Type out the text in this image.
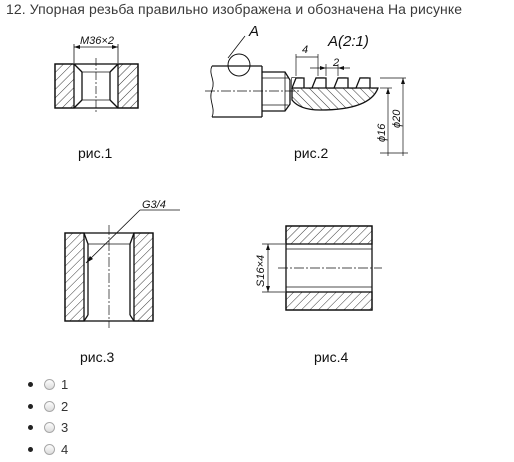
12. Упорная резьба правильно изображена и обозначена На рисунке
M36×2
рис.1
A
A(2:1)
4
2
ϕ16
ϕ20
рис.2
G3/4
рис.3
S16×4
рис.4
1
2
3
4
